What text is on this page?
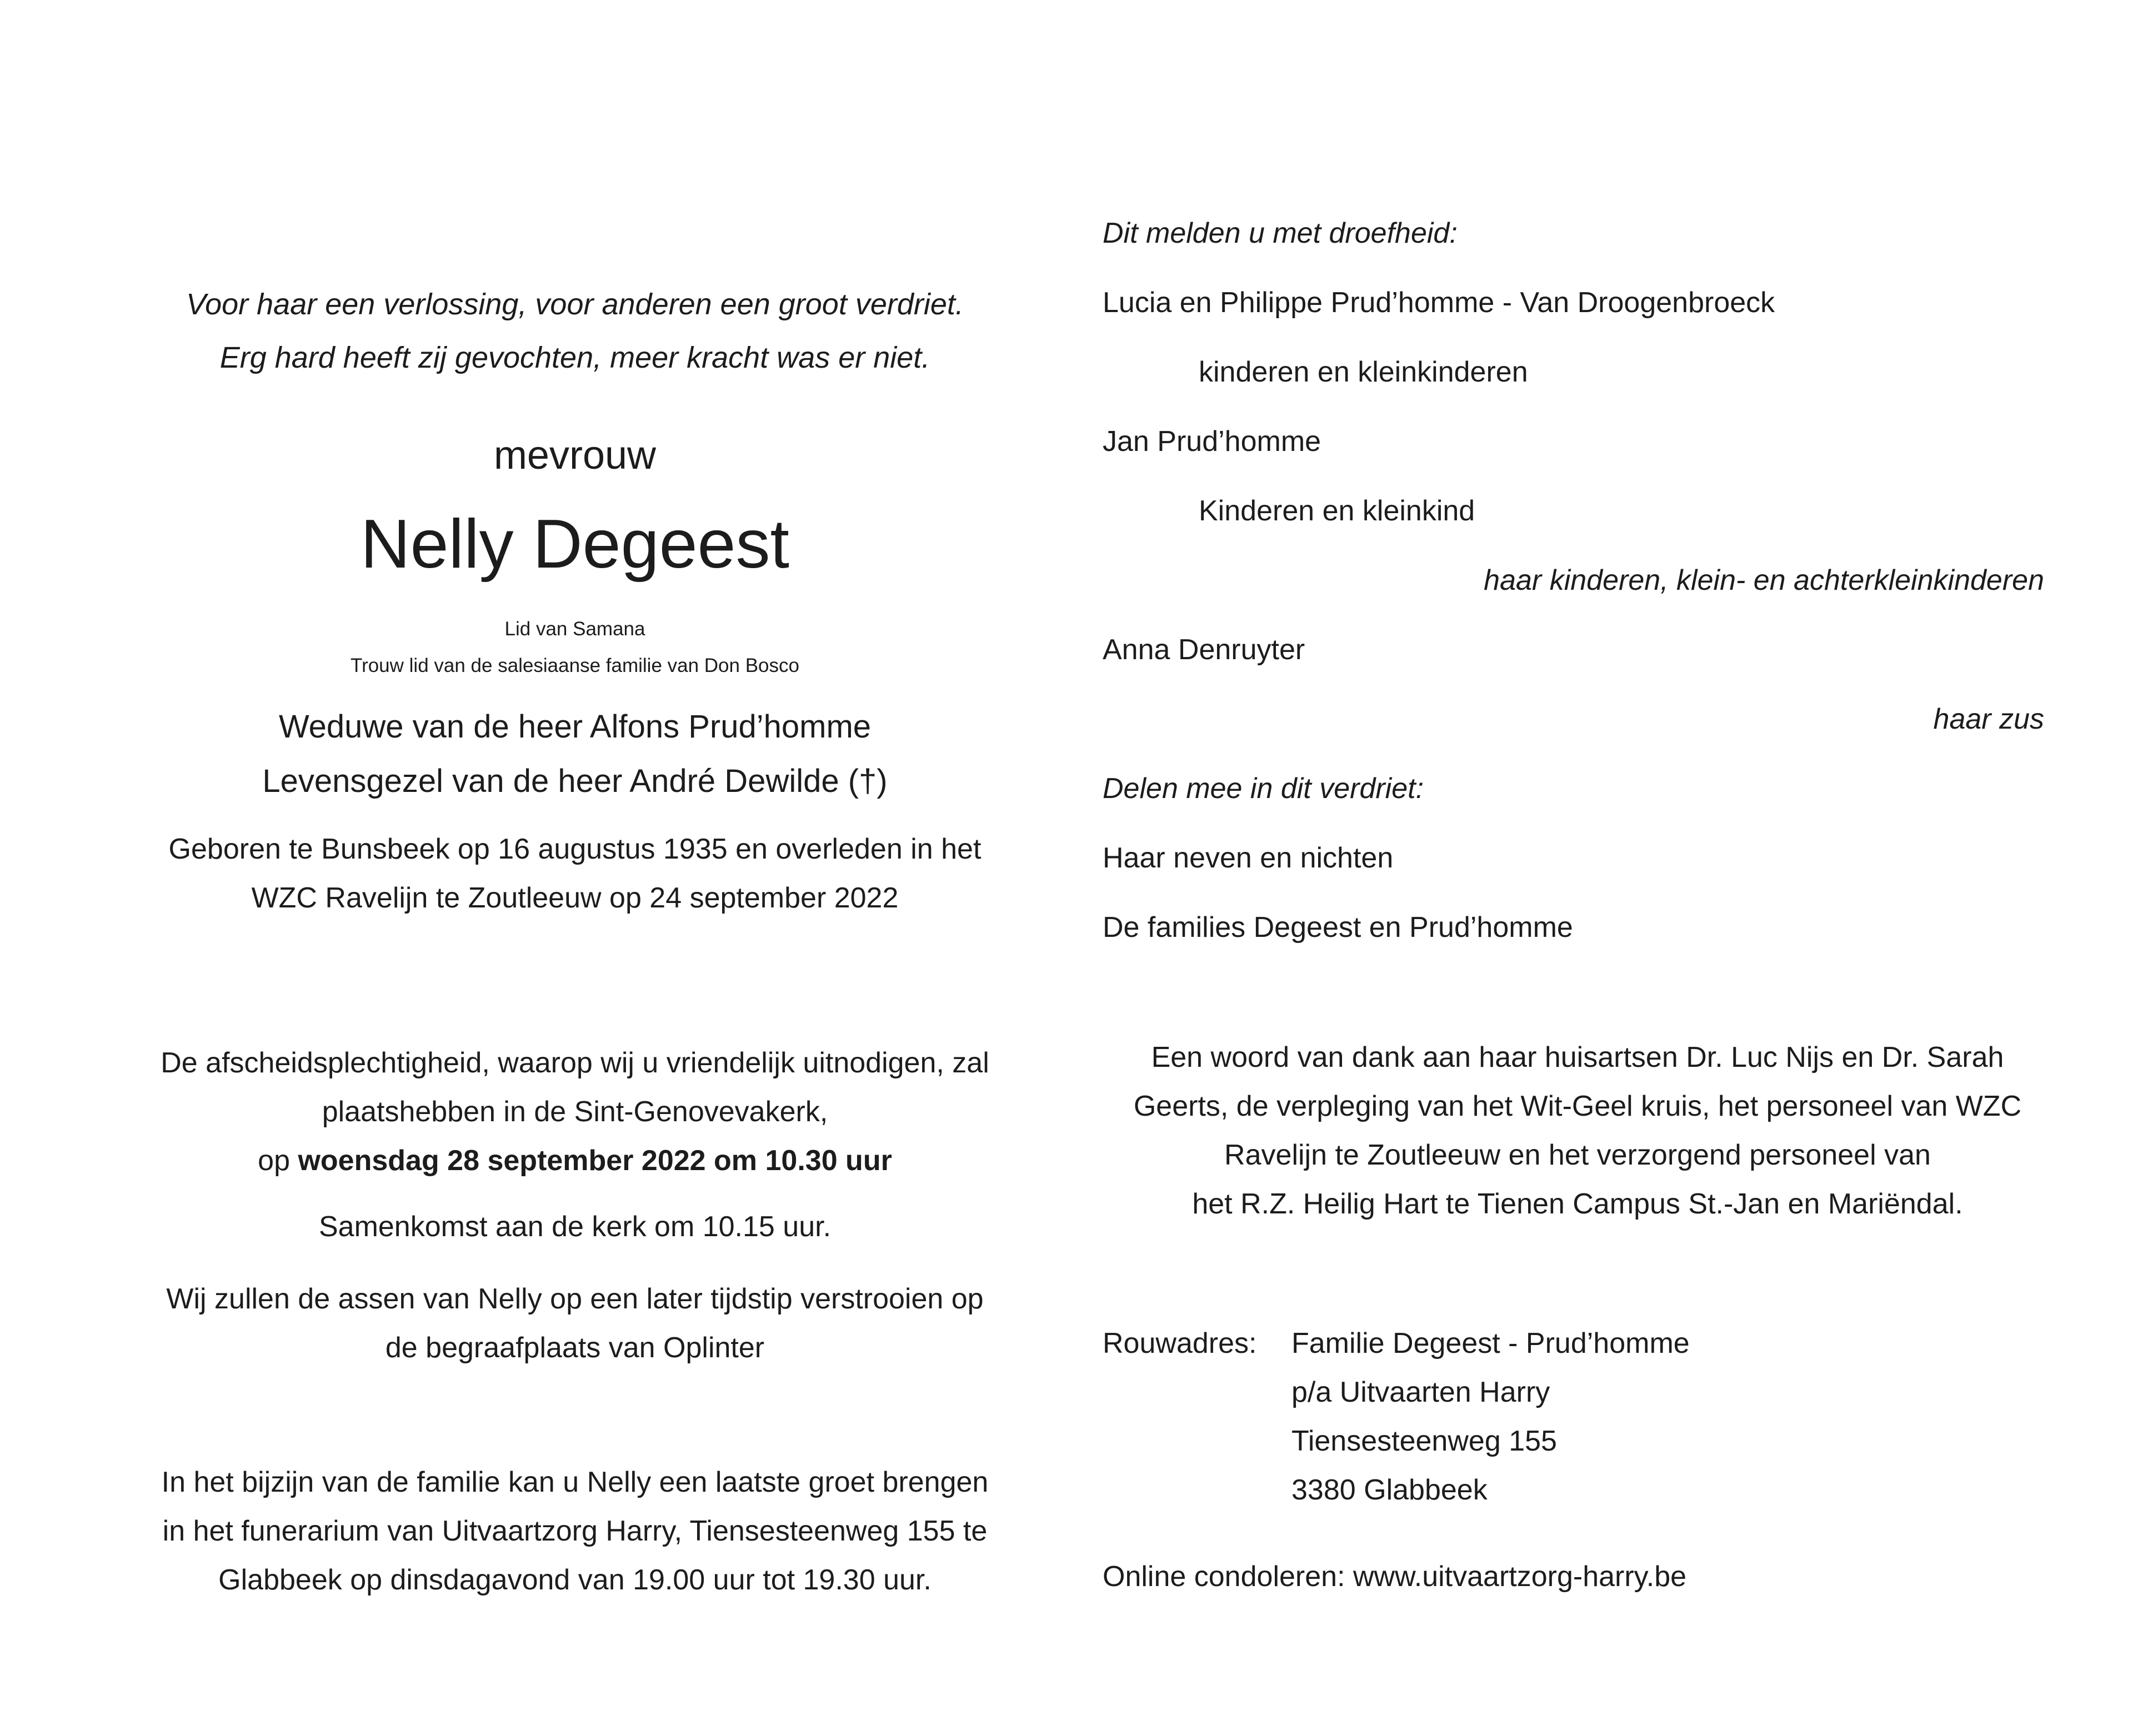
Voor haar een verlossing, voor anderen een groot verdriet.
Erg hard heeft zij gevochten, meer kracht was er niet.
mevrouw
Nelly Degeest
Lid van Samana
Trouw lid van de salesiaanse familie van Don Bosco
Weduwe van de heer Alfons Prud’homme
Levensgezel van de heer André Dewilde (†)
Geboren te Bunsbeek op 16 augustus 1935 en overleden in het
WZC Ravelijn te Zoutleeuw op 24 september 2022
De afscheidsplechtigheid, waarop wij u vriendelijk uitnodigen, zal
plaatshebben in de Sint-Genovevakerk,
op woensdag 28 september 2022 om 10.30 uur
Samenkomst aan de kerk om 10.15 uur.
Wij zullen de assen van Nelly op een later tijdstip verstrooien op
de begraafplaats van Oplinter
In het bijzijn van de familie kan u Nelly een laatste groet brengen
in het funerarium van Uitvaartzorg Harry, Tiensesteenweg 155 te
Glabbeek op dinsdagavond van 19.00 uur tot 19.30 uur.
Dit melden u met droefheid:
Lucia en Philippe Prud’homme - Van Droogenbroeck
kinderen en kleinkinderen
Jan Prud’homme
Kinderen en kleinkind
haar kinderen, klein- en achterkleinkinderen
Anna Denruyter
haar zus
Delen mee in dit verdriet:
Haar neven en nichten
De families Degeest en Prud’homme
Een woord van dank aan haar huisartsen Dr. Luc Nijs en Dr. Sarah
Geerts, de verpleging van het Wit-Geel kruis, het personeel van WZC
Ravelijn te Zoutleeuw en het verzorgend personeel van
het R.Z. Heilig Hart te Tienen Campus St.-Jan en Mariëndal.
Rouwadres: Familie Degeest - Prud’homme
p/a Uitvaarten Harry
Tiensesteenweg 155
3380 Glabbeek
Online condoleren: www.uitvaartzorg-harry.be
